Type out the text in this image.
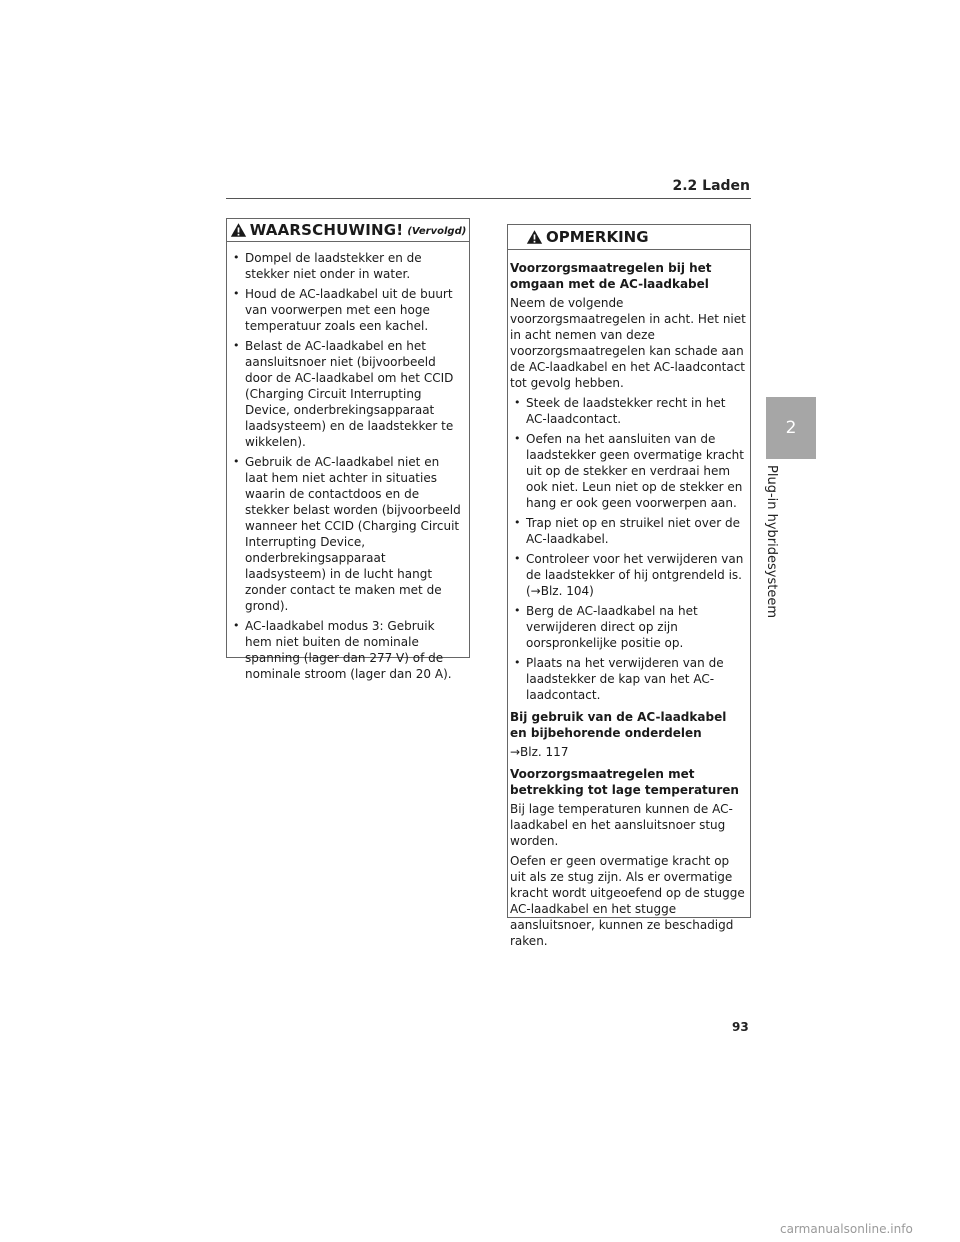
2.2 Laden
2
Plug-in hybridesysteem
WAARSCHUWING! (Vervolgd)
• Dompel de laadstekker en de stekker niet onder in water.
• Houd de AC-laadkabel uit de buurt van voorwerpen met een hoge temperatuur zoals een kachel.
• Belast de AC-laadkabel en het aansluitsnoer niet (bijvoorbeeld door de AC-laadkabel om het CCID (Charging Circuit Interrupting Device, onderbrekingsapparaat laadsysteem) en de laadstekker te wikkelen).
• Gebruik de AC-laadkabel niet en laat hem niet achter in situaties waarin de contactdoos en de stekker belast worden (bijvoorbeeld wanneer het CCID (Charging Circuit Interrupting Device, onderbrekingsapparaat laadsysteem) in de lucht hangt zonder contact te maken met de grond).
• AC-laadkabel modus 3: Gebruik hem niet buiten de nominale spanning (lager dan 277 V) of de nominale stroom (lager dan 20 A).
OPMERKING

Voorzorgsmaatregelen bij het omgaan met de AC-laadkabel

Neem de volgende voorzorgsmaatregelen in acht. Het niet in acht nemen van deze voorzorgsmaatregelen kan schade aan de AC-laadkabel en het AC-laadcontact tot gevolg hebben.

• Steek de laadstekker recht in het AC-laadcontact.
• Oefen na het aansluiten van de laadstekker geen overmatige kracht uit op de stekker en verdraai hem ook niet. Leun niet op de stekker en hang er ook geen voorwerpen aan.
• Trap niet op en struikel niet over de AC-laadkabel.
• Controleer voor het verwijderen van de laadstekker of hij ontgrendeld is. (→Blz. 104)
• Berg de AC-laadkabel na het verwijderen direct op zijn oorspronkelijke positie op.
• Plaats na het verwijderen van de laadstekker de kap van het AC-laadcontact.

Bij gebruik van de AC-laadkabel en bijbehorende onderdelen

→Blz. 117

Voorzorgsmaatregelen met betrekking tot lage temperaturen

Bij lage temperaturen kunnen de AC-laadkabel en het aansluitsnoer stug worden.

Oefen er geen overmatige kracht op uit als ze stug zijn. Als er overmatige kracht wordt uitgeoefend op de stugge AC-laadkabel en het stugge aansluitsnoer, kunnen ze beschadigd raken.

93
carmanualsonline.info
